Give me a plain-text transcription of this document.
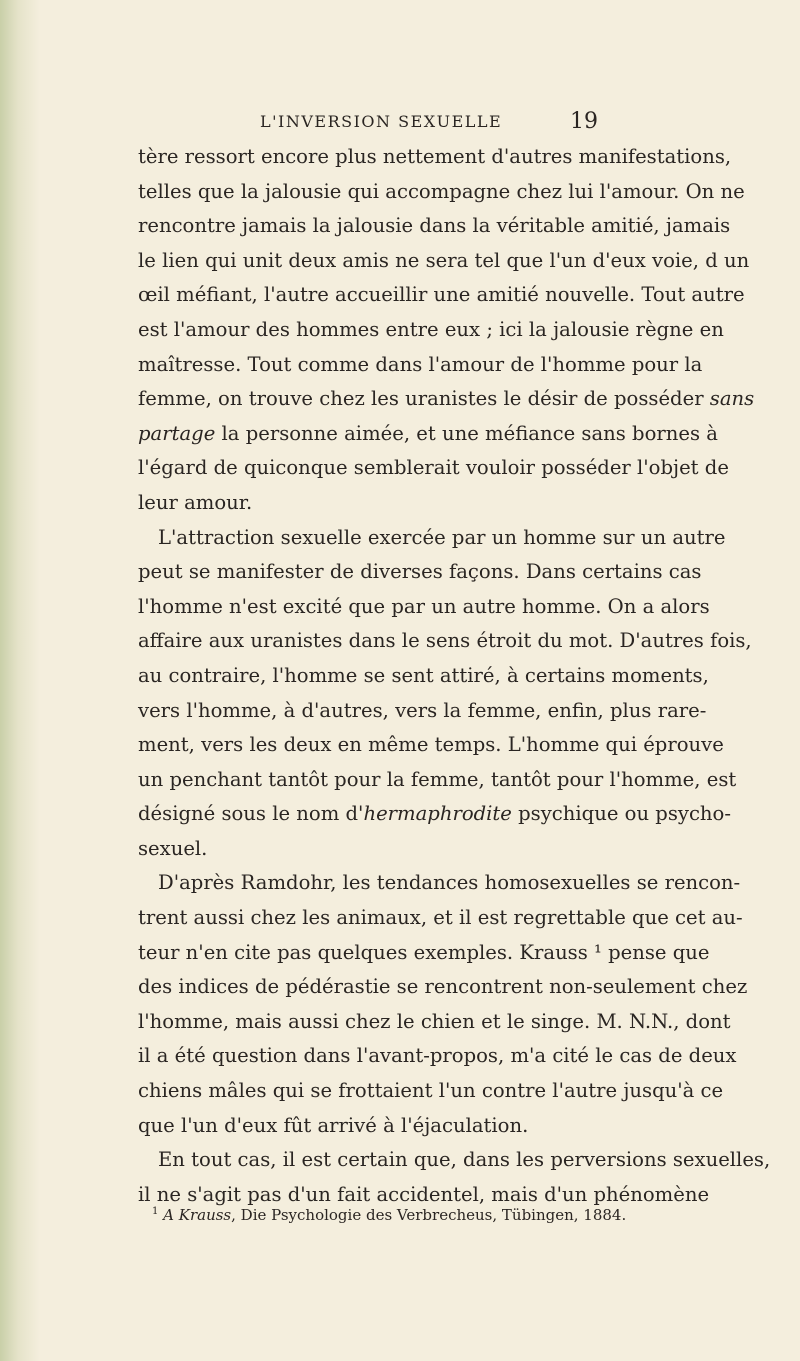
L'INVERSION SEXUELLE	19
tère ressort encore plus nettement d'autres manifestations,
telles que la jalousie qui accompagne chez lui l'amour. On ne
rencontre jamais la jalousie dans la véritable amitié, jamais
le lien qui unit deux amis ne sera tel que l'un d'eux voie, d un
œil méfiant, l'autre accueillir une amitié nouvelle. Tout autre
est l'amour des hommes entre eux ; ici la jalousie règne en
maîtresse. Tout comme dans l'amour de l'homme pour la
femme, on trouve chez les uranistes le désir de posséder sans
partage la personne aimée, et une méfiance sans bornes à
l'égard de quiconque semblerait vouloir posséder l'objet de
leur amour.
L'attraction sexuelle exercée par un homme sur un autre
peut se manifester de diverses façons. Dans certains cas
l'homme n'est excité que par un autre homme. On a alors
affaire aux uranistes dans le sens étroit du mot. D'autres fois,
au contraire, l'homme se sent attiré, à certains moments,
vers l'homme, à d'autres, vers la femme, enfin, plus rare-
ment, vers les deux en même temps. L'homme qui éprouve
un penchant tantôt pour la femme, tantôt pour l'homme, est
désigné sous le nom d'hermaphrodite psychique ou psycho-
sexuel.
D'après Ramdohr, les tendances homosexuelles se rencon-
trent aussi chez les animaux, et il est regrettable que cet au-
teur n'en cite pas quelques exemples. Krauss ¹ pense que
des indices de pédérastie se rencontrent non-seulement chez
l'homme, mais aussi chez le chien et le singe. M. N.N., dont
il a été question dans l'avant-propos, m'a cité le cas de deux
chiens mâles qui se frottaient l'un contre l'autre jusqu'à ce
que l'un d'eux fût arrivé à l'éjaculation.
En tout cas, il est certain que, dans les perversions sexuelles,
il ne s'agit pas d'un fait accidentel, mais d'un phénomène
$^1$ A Krauss, Die Psychologie des Verbrecheus, Tübingen, 1884.
